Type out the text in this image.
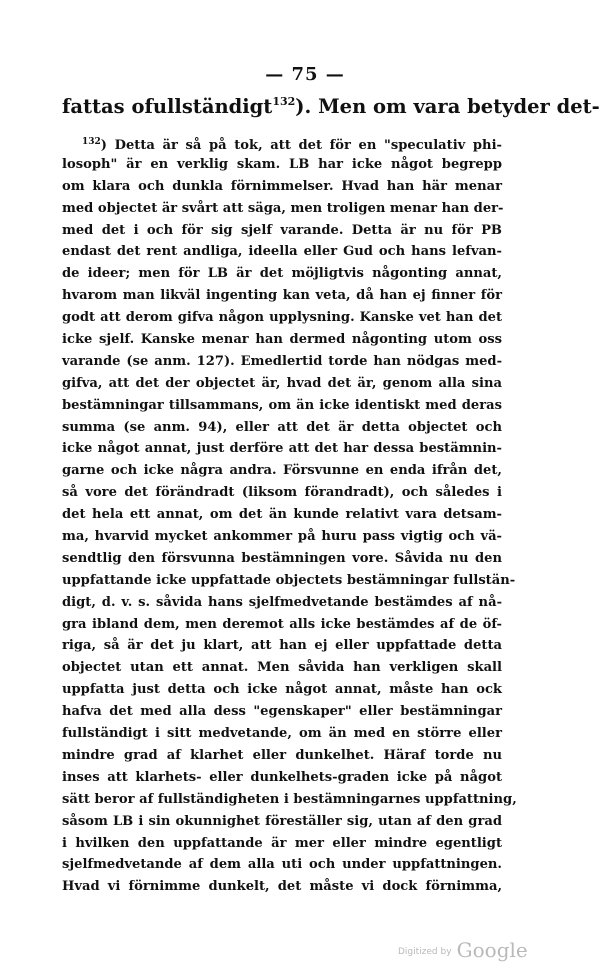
— 75 —
fattas ofullständigt$^{132}$). Men om vara betyder det-
$^{132}$) Detta är så på tok, att det för en "speculativ phi-
losoph" är en verklig skam. LB har icke något begrepp
om klara och dunkla förnimmelser. Hvad han här menar
med objectet är svårt att säga, men troligen menar han der-
med det i och för sig sjelf varande. Detta är nu för PB
endast det rent andliga, ideella eller Gud och hans lefvan-
de ideer; men för LB är det möjligtvis någonting annat,
hvarom man likväl ingenting kan veta, då han ej finner för
godt att derom gifva någon upplysning. Kanske vet han det
icke sjelf. Kanske menar han dermed någonting utom oss
varande (se anm. 127). Emedlertid torde han nödgas med-
gifva, att det der objectet är, hvad det är, genom alla sina
bestämningar tillsammans, om än icke identiskt med deras
summa (se anm. 94), eller att det är detta objectet och
icke något annat, just derföre att det har dessa bestämnin-
garne och icke några andra. Försvunne en enda ifrån det,
så vore det förändradt (liksom förandradt), och således i
det hela ett annat, om det än kunde relativt vara detsam-
ma, hvarvid mycket ankommer på huru pass vigtig och vä-
sendtlig den försvunna bestämningen vore. Såvida nu den
uppfattande icke uppfattade objectets bestämningar fullstän-
digt, d. v. s. såvida hans sjelfmedvetande bestämdes af nå-
gra ibland dem, men deremot alls icke bestämdes af de öf-
riga, så är det ju klart, att han ej eller uppfattade detta
objectet utan ett annat. Men såvida han verkligen skall
uppfatta just detta och icke något annat, måste han ock
hafva det med alla dess "egenskaper" eller bestämningar
fullständigt i sitt medvetande, om än med en större eller
mindre grad af klarhet eller dunkelhet. Häraf torde nu
inses att klarhets- eller dunkelhets-graden icke på något
sätt beror af fullständigheten i bestämningarnes uppfattning,
såsom LB i sin okunnighet föreställer sig, utan af den grad
i hvilken den uppfattande är mer eller mindre egentligt
sjelfmedvetande af dem alla uti och under uppfattningen.
Hvad vi förnimme dunkelt, det måste vi dock förnimma,
Digitized by Google
